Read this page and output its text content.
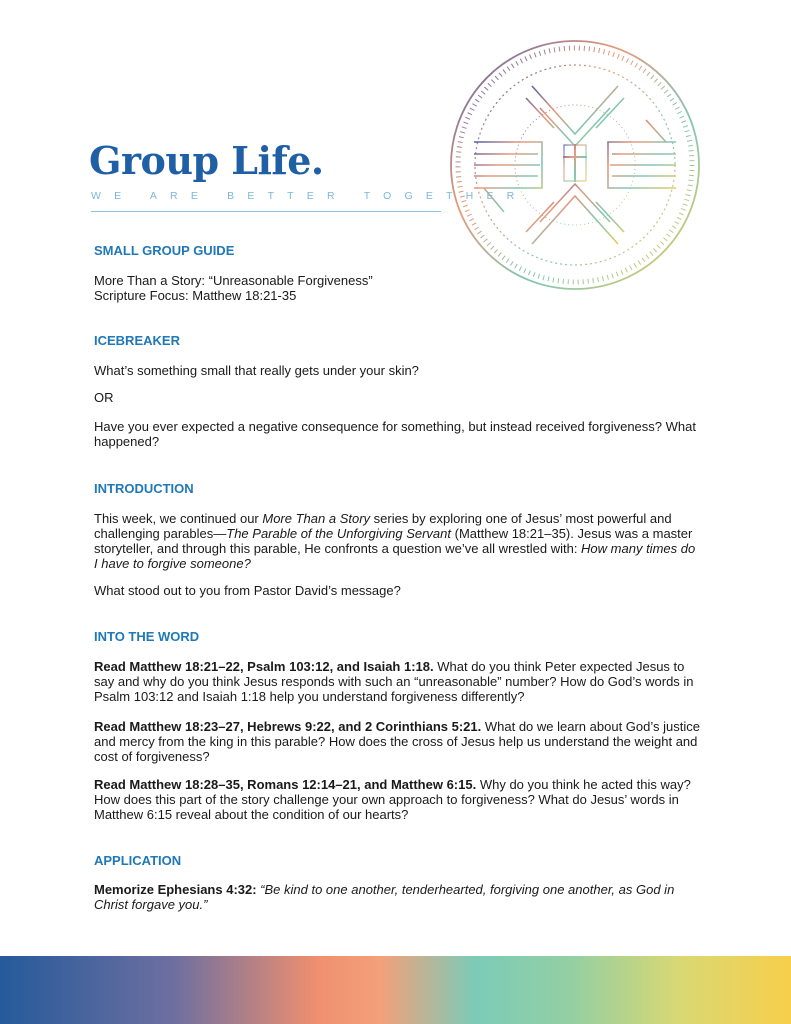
Group Life.
WE ARE BETTER TOGETHER
SMALL GROUP GUIDE

More Than a Story: “Unreasonable Forgiveness”

Scripture Focus: Matthew 18:21-35

ICEBREAKER

What’s something small that really gets under your skin?

OR

Have you ever expected a negative consequence for something, but instead received forgiveness? What happened?

INTRODUCTION

This week, we continued our More Than a Story series by exploring one of Jesus’ most powerful and challenging parables—The Parable of the Unforgiving Servant (Matthew 18:21–35). Jesus was a master storyteller, and through this parable, He confronts a question we’ve all wrestled with: How many times do I have to forgive someone?

What stood out to you from Pastor David’s message?

INTO THE WORD

Read Matthew 18:21–22, Psalm 103:12, and Isaiah 1:18. What do you think Peter expected Jesus to say and why do you think Jesus responds with such an “unreasonable” number? How do God’s words in Psalm 103:12 and Isaiah 1:18 help you understand forgiveness differently?

Read Matthew 18:23–27, Hebrews 9:22, and 2 Corinthians 5:21. What do we learn about God’s justice and mercy from the king in this parable? How does the cross of Jesus help us understand the weight and cost of forgiveness?

Read Matthew 18:28–35, Romans 12:14–21, and Matthew 6:15. Why do you think he acted this way? How does this part of the story challenge your own approach to forgiveness? What do Jesus’ words in Matthew 6:15 reveal about the condition of our hearts?

APPLICATION

Memorize Ephesians 4:32: “Be kind to one another, tenderhearted, forgiving one another, as God in Christ forgave you.”
